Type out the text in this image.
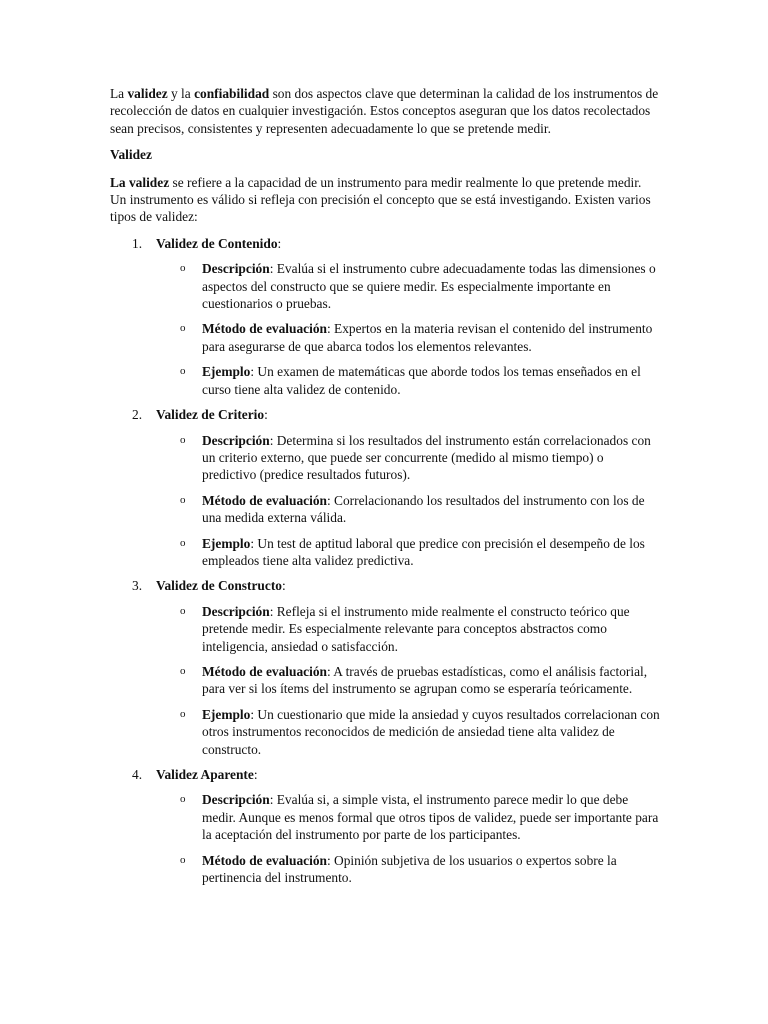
La validez y la confiabilidad son dos aspectos clave que determinan la calidad de los instrumentos de recolección de datos en cualquier investigación. Estos conceptos aseguran que los datos recolectados sean precisos, consistentes y representen adecuadamente lo que se pretende medir.

Validez

La validez se refiere a la capacidad de un instrumento para medir realmente lo que pretende medir. Un instrumento es válido si refleja con precisión el concepto que se está investigando. Existen varios tipos de validez:

1. Validez de Contenido:
o Descripción: Evalúa si el instrumento cubre adecuadamente todas las dimensiones o aspectos del constructo que se quiere medir. Es especialmente importante en cuestionarios o pruebas.
o Método de evaluación: Expertos en la materia revisan el contenido del instrumento para asegurarse de que abarca todos los elementos relevantes.
o Ejemplo: Un examen de matemáticas que aborde todos los temas enseñados en el curso tiene alta validez de contenido.
2. Validez de Criterio:
o Descripción: Determina si los resultados del instrumento están correlacionados con un criterio externo, que puede ser concurrente (medido al mismo tiempo) o predictivo (predice resultados futuros).
o Método de evaluación: Correlacionando los resultados del instrumento con los de una medida externa válida.
o Ejemplo: Un test de aptitud laboral que predice con precisión el desempeño de los empleados tiene alta validez predictiva.
3. Validez de Constructo:
o Descripción: Refleja si el instrumento mide realmente el constructo teórico que pretende medir. Es especialmente relevante para conceptos abstractos como inteligencia, ansiedad o satisfacción.
o Método de evaluación: A través de pruebas estadísticas, como el análisis factorial, para ver si los ítems del instrumento se agrupan como se esperaría teóricamente.
o Ejemplo: Un cuestionario que mide la ansiedad y cuyos resultados correlacionan con otros instrumentos reconocidos de medición de ansiedad tiene alta validez de constructo.
4. Validez Aparente:
o Descripción: Evalúa si, a simple vista, el instrumento parece medir lo que debe medir. Aunque es menos formal que otros tipos de validez, puede ser importante para la aceptación del instrumento por parte de los participantes.
o Método de evaluación: Opinión subjetiva de los usuarios o expertos sobre la pertinencia del instrumento.
